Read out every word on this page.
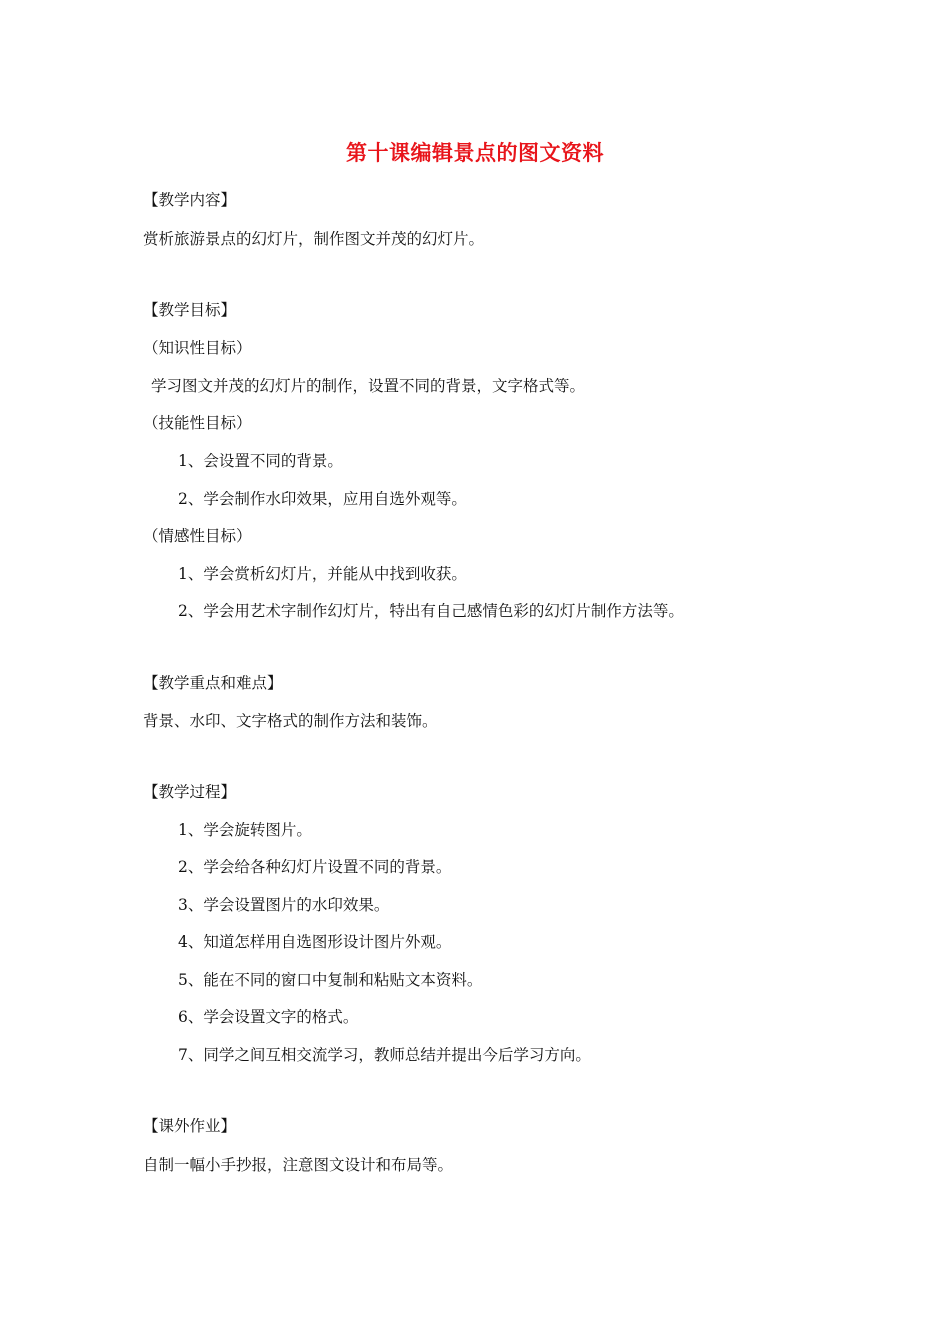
第十课编辑景点的图文资料
【教学内容】
赏析旅游景点的幻灯片，制作图文并茂的幻灯片。
【教学目标】
（知识性目标）
学习图文并茂的幻灯片的制作，设置不同的背景，文字格式等。
（技能性目标）
1、会设置不同的背景。
2、学会制作水印效果，应用自选外观等。
（情感性目标）
1、学会赏析幻灯片，并能从中找到收获。
2、学会用艺术字制作幻灯片，特出有自己感情色彩的幻灯片制作方法等。
【教学重点和难点】
背景、水印、文字格式的制作方法和装饰。
【教学过程】
1、学会旋转图片。
2、学会给各种幻灯片设置不同的背景。
3、学会设置图片的水印效果。
4、知道怎样用自选图形设计图片外观。
5、能在不同的窗口中复制和粘贴文本资料。
6、学会设置文字的格式。
7、同学之间互相交流学习，教师总结并提出今后学习方向。
【课外作业】
自制一幅小手抄报，注意图文设计和布局等。
